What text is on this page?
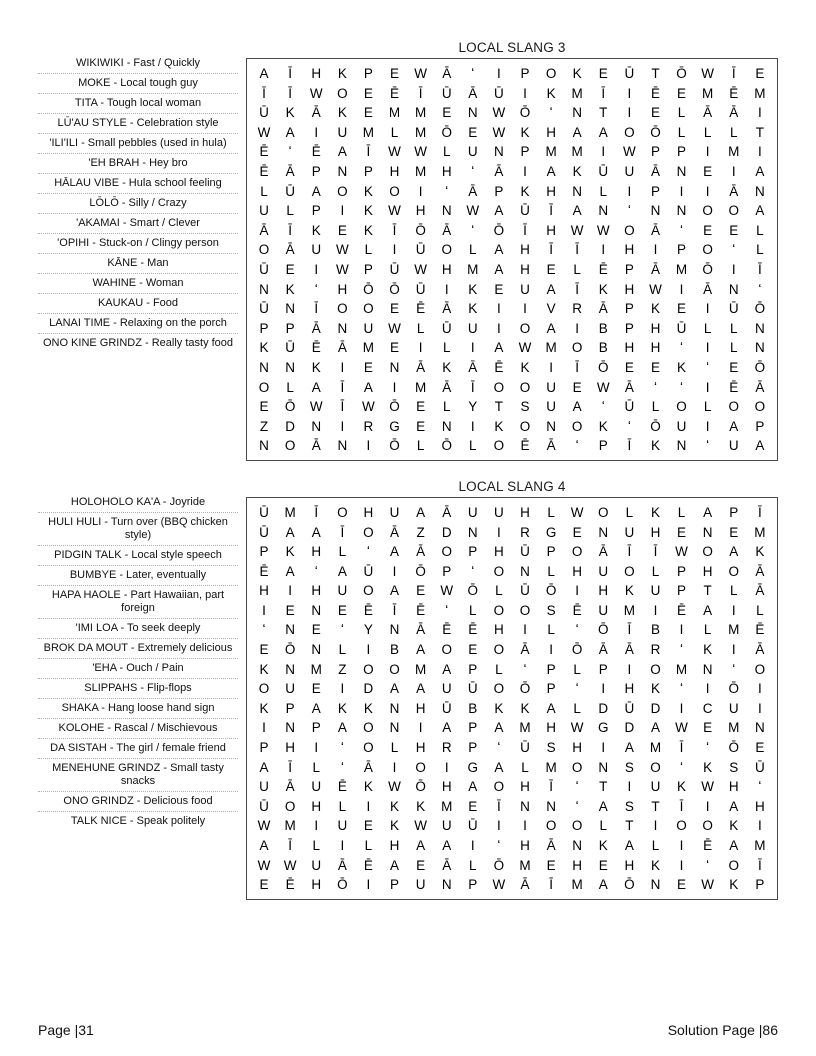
WIKIWIKI - Fast / Quickly
MOKE - Local tough guy
TITA - Tough local woman
LŪ'AU STYLE - Celebration style
'ILI'ILI - Small pebbles (used in hula)
'EH BRAH - Hey bro
HĀLAU VIBE - Hula school feeling
LŌLŌ - Silly / Crazy
'AKAMAI - Smart / Clever
'OPIHI - Stuck-on / Clingy person
KĀNE - Man
WAHINE - Woman
KAUKAU - Food
LANAI TIME - Relaxing on the porch
ONO KINE GRINDZ - Really tasty food
LOCAL SLANG 3
A	Ī	H	K	P	E	W	Ā	ʻ	I	P	O	K	E	Ū	T	Ō	W	Ī	E
Ī	Ī	W	O	E	Ē	Ī	Ū	Ā	Ū	I	K	M	Ī	I	Ē	E	M	Ē	M
Ū	K	Ā	K	E	M	M	E	N	W	Ō	ʻ	N	T	I	E	L	Ā	Ā	I
W	A	I	U	M	L	M	Ō	E	W	K	H	A	A	O	Ō	L	L	L	T
Ē	ʻ	Ē	A	Ī	W	W	L	U	N	P	M	M	I	W	P	P	I	M	I
Ē	Ā	P	N	P	H	M	H	ʻ	Ā	I	A	K	Ū	U	Ā	N	E	I	A
L	Ū	A	O	K	O	I	ʻ	Ā	P	K	H	N	L	I	P	I	I	Ā	N
U	L	P	I	K	W	H	N	W	A	Ū	Ī	A	N	ʻ	N	N	O	O	A
Ā	Ī	K	E	K	Ī	Ō	Ā	ʻ	Ō	Ī	H	W	W	O	Ā	ʻ	E	E	L
O	Ā	U	W	L	I	Ū	O	L	A	H	Ī	Ī	I	H	I	P	O	ʻ	L
Ū	E	I	W	P	Ū	W	H	M	A	H	E	L	Ē	P	Ā	M	Ō	I	Ī
N	K	ʻ	H	Ō	Ō	Ū	I	K	E	U	A	Ī	K	H	W	I	Ā	N	ʻ
Ū	N	Ī	O	O	E	Ē	Ā	K	I	I	V	R	Ā	P	K	E	I	Ū	Ō
P	P	Ā	N	U	W	L	Ū	U	I	O	A	I	B	P	H	Ū	L	L	N
K	Ū	Ē	Ā	M	E	I	L	I	A	W	M	O	B	H	H	ʻ	I	L	N
N	N	K	I	E	N	Ā	K	Ā	Ē	K	I	Ī	Ō	E	E	K	ʻ	E	Ō
O	L	A	Ī	A	I	M	Ā	Ī	O	O	U	E	W	Ā	ʻ	ʻ	I	Ē	Ā
E	Ō	W	Ī	W	Ō	E	L	Y	T	S	U	A	ʻ	Ū	L	O	L	O	O
Z	D	N	I	R	G	E	N	I	K	O	N	O	K	ʻ	Ō	U	I	A	P
N	O	Ā	N	I	Ō	L	Ō	L	O	Ē	Ā	ʻ	P	Ī	K	N	ʻ	U	A
HOLOHOLO KA'A - Joyride
HULI HULI - Turn over (BBQ chicken style)
PIDGIN TALK - Local style speech
BUMBYE - Later, eventually
HAPA HAOLE - Part Hawaiian, part foreign
'IMI LOA - To seek deeply
BROK DA MOUT - Extremely delicious
'EHA - Ouch / Pain
SLIPPAHS - Flip-flops
SHAKA - Hang loose hand sign
KOLOHE - Rascal / Mischievous
DA SISTAH - The girl / female friend
MENEHUNE GRINDZ - Small tasty snacks
ONO GRINDZ - Delicious food
TALK NICE - Speak politely
LOCAL SLANG 4
Ū	M	Ī	O	H	U	A	Ā	U	U	H	L	W	O	L	K	L	A	P	Ī
Ū	A	A	Ī	O	Ā	Z	D	N	I	R	G	E	N	U	H	E	N	E	M
P	K	H	L	ʻ	A	Ā	O	P	H	Ū	P	O	Ā	Ī	Ī	W	O	A	K
Ē	A	ʻ	A	Ū	I	Ō	P	ʻ	O	N	L	H	U	O	L	P	H	O	Ā
H	I	H	U	O	A	E	W	Ō	L	Ū	Ō	I	H	K	U	P	T	L	Ā
I	E	N	E	Ē	Ī	Ē	ʻ	L	O	O	S	Ē	U	M	I	Ē	A	I	L
ʻ	N	E	ʻ	Y	N	Ā	Ē	Ē	H	I	L	ʻ	Ō	Ī	B	I	L	M	Ē
E	Ō	N	L	I	B	A	O	E	O	Ā	I	Ō	Ā	Ā	R	ʻ	K	I	Ā
K	N	M	Z	O	O	M	A	P	L	ʻ	P	L	P	I	O	M	N	ʻ	O
O	U	E	I	D	A	A	U	Ū	O	Ō	P	ʻ	I	H	K	ʻ	I	Ō	I
K	P	A	K	K	N	H	Ū	B	K	K	A	L	D	Ū	D	I	C	U	I
I	N	P	A	O	N	I	A	P	A	M	H	W	G	D	A	W	E	M	N
P	H	I	ʻ	O	L	H	R	P	ʻ	Ū	S	H	I	A	M	Ī	ʻ	Ō	E
A	Ī	L	ʻ	Ā	I	O	I	G	A	L	M	O	N	S	O	ʻ	K	S	Ū
U	Ā	U	Ē	K	W	Ō	H	A	O	H	Ī	ʻ	T	I	U	K	W	H	ʻ
Ū	O	H	L	I	K	K	M	E	Ī	N	N	ʻ	A	S	T	Ī	I	A	H
W	M	I	U	E	K	W	U	Ū	I	I	O	O	L	T	I	O	O	K	I
A	Ī	L	I	L	H	A	A	I	ʻ	H	Ā	N	K	A	L	I	Ē	A	M
W	W	U	Ā	Ē	A	E	Ā	L	Ō	M	E	H	E	H	K	I	ʻ	O	Ī
E	Ē	H	Ō	I	P	U	N	P	W	Ā	Ī	M	A	Ō	N	E	W	K	P
Page |31	Solution Page |86
